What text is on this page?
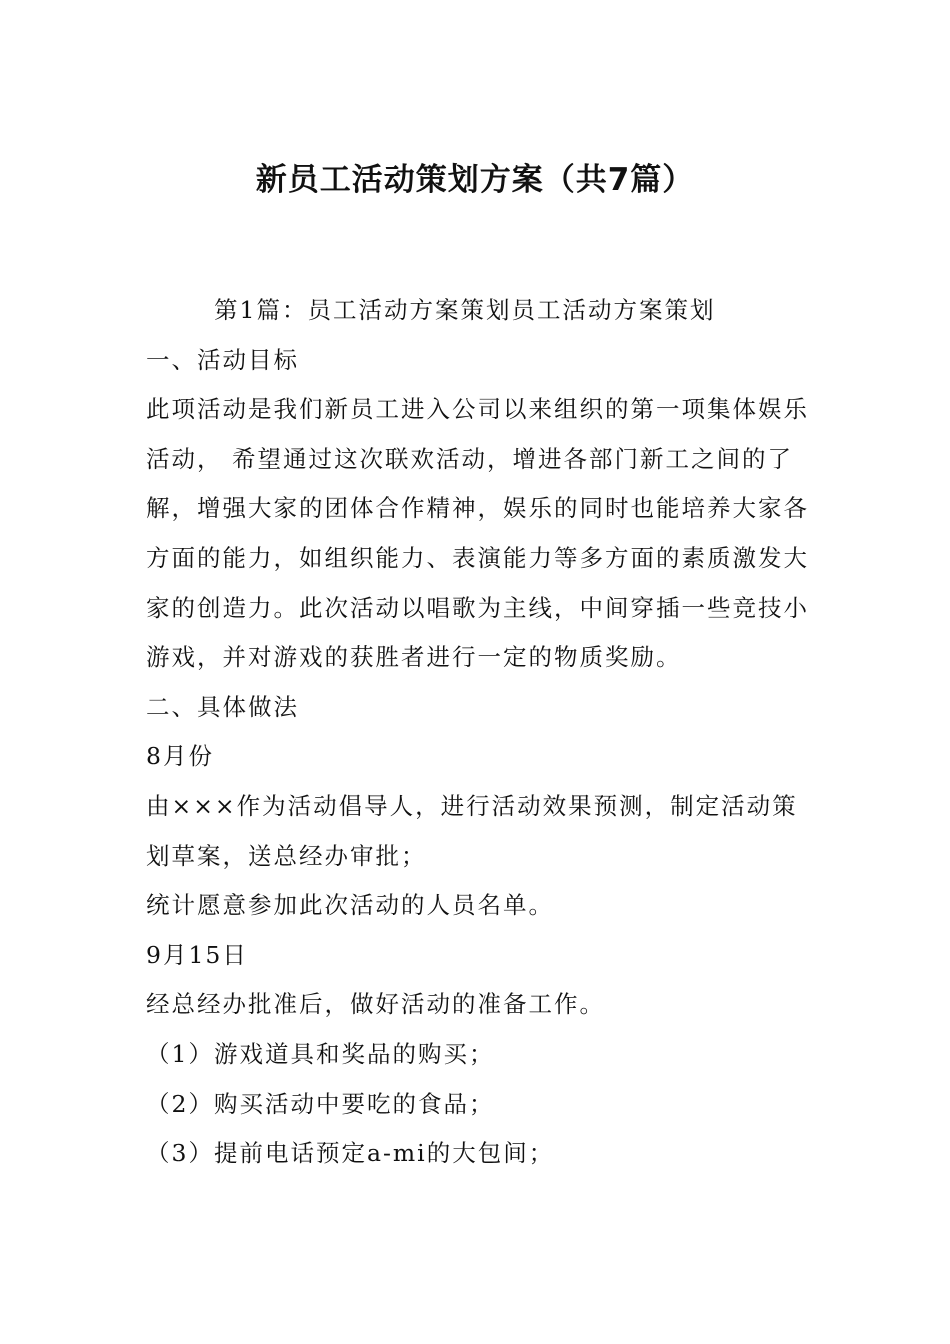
新员工活动策划方案（共7篇）

第1篇：员工活动方案策划员工活动方案策划

一、活动目标

此项活动是我们新员工进入公司以来组织的第一项集体娱乐活动， 希望通过这次联欢活动，增进各部门新工之间的了解，增强大家的团体合作精神，娱乐的同时也能培养大家各方面的能力，如组织能力、表演能力等多方面的素质激发大家的创造力。此次活动以唱歌为主线，中间穿插一些竞技小游戏，并对游戏的获胜者进行一定的物质奖励。

二、具体做法

8月份

由×××作为活动倡导人，进行活动效果预测，制定活动策划草案，送总经办审批；

统计愿意参加此次活动的人员名单。

9月15日

经总经办批准后，做好活动的准备工作。

（1）游戏道具和奖品的购买；

（2）购买活动中要吃的食品；

（3）提前电话预定a-mi的大包间；
